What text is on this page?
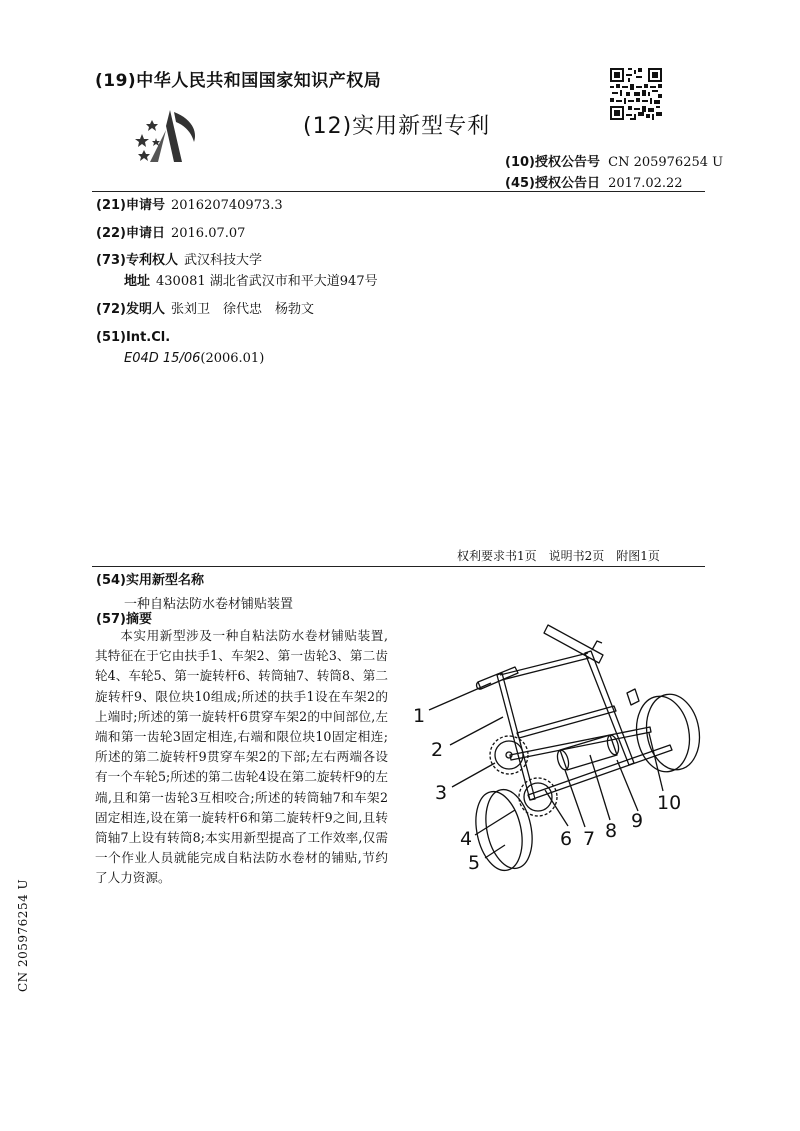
(19)中华人民共和国国家知识产权局
(12)实用新型专利
(10)授权公告号 CN 205976254 U
(45)授权公告日 2017.02.22
(21)申请号 201620740973.3
(22)申请日 2016.07.07
(73)专利权人 武汉科技大学
地址 430081 湖北省武汉市和平大道947号
(72)发明人 张刘卫　徐代忠　杨勃文
(51)Int.Cl.
E04D 15/06(2006.01)
权利要求书1页　说明书2页　附图1页
(54)实用新型名称
一种自粘法防水卷材铺贴装置
(57)摘要
本实用新型涉及一种自粘法防水卷材铺贴装置,其特征在于它由扶手1、车架2、第一齿轮3、第二齿轮4、车轮5、第一旋转杆6、转筒轴7、转筒8、第二旋转杆9、限位块10组成;所述的扶手1设在车架2的上端时;所述的第一旋转杆6贯穿车架2的中间部位,左端和第一齿轮3固定相连,右端和限位块10固定相连;所述的第二旋转杆9贯穿车架2的下部;左右两端各设有一个车轮5;所述的第二齿轮4设在第二旋转杆9的左端,且和第一齿轮3互相咬合;所述的转筒轴7和车架2固定相连,设在第一旋转杆6和第二旋转杆9之间,且转筒轴7上设有转筒8;本实用新型提高了工作效率,仅需一个作业人员就能完成自粘法防水卷材的铺贴,节约了人力资源。
1
2
3
4
5
6 7 8 9
10
CN 205976254 U
